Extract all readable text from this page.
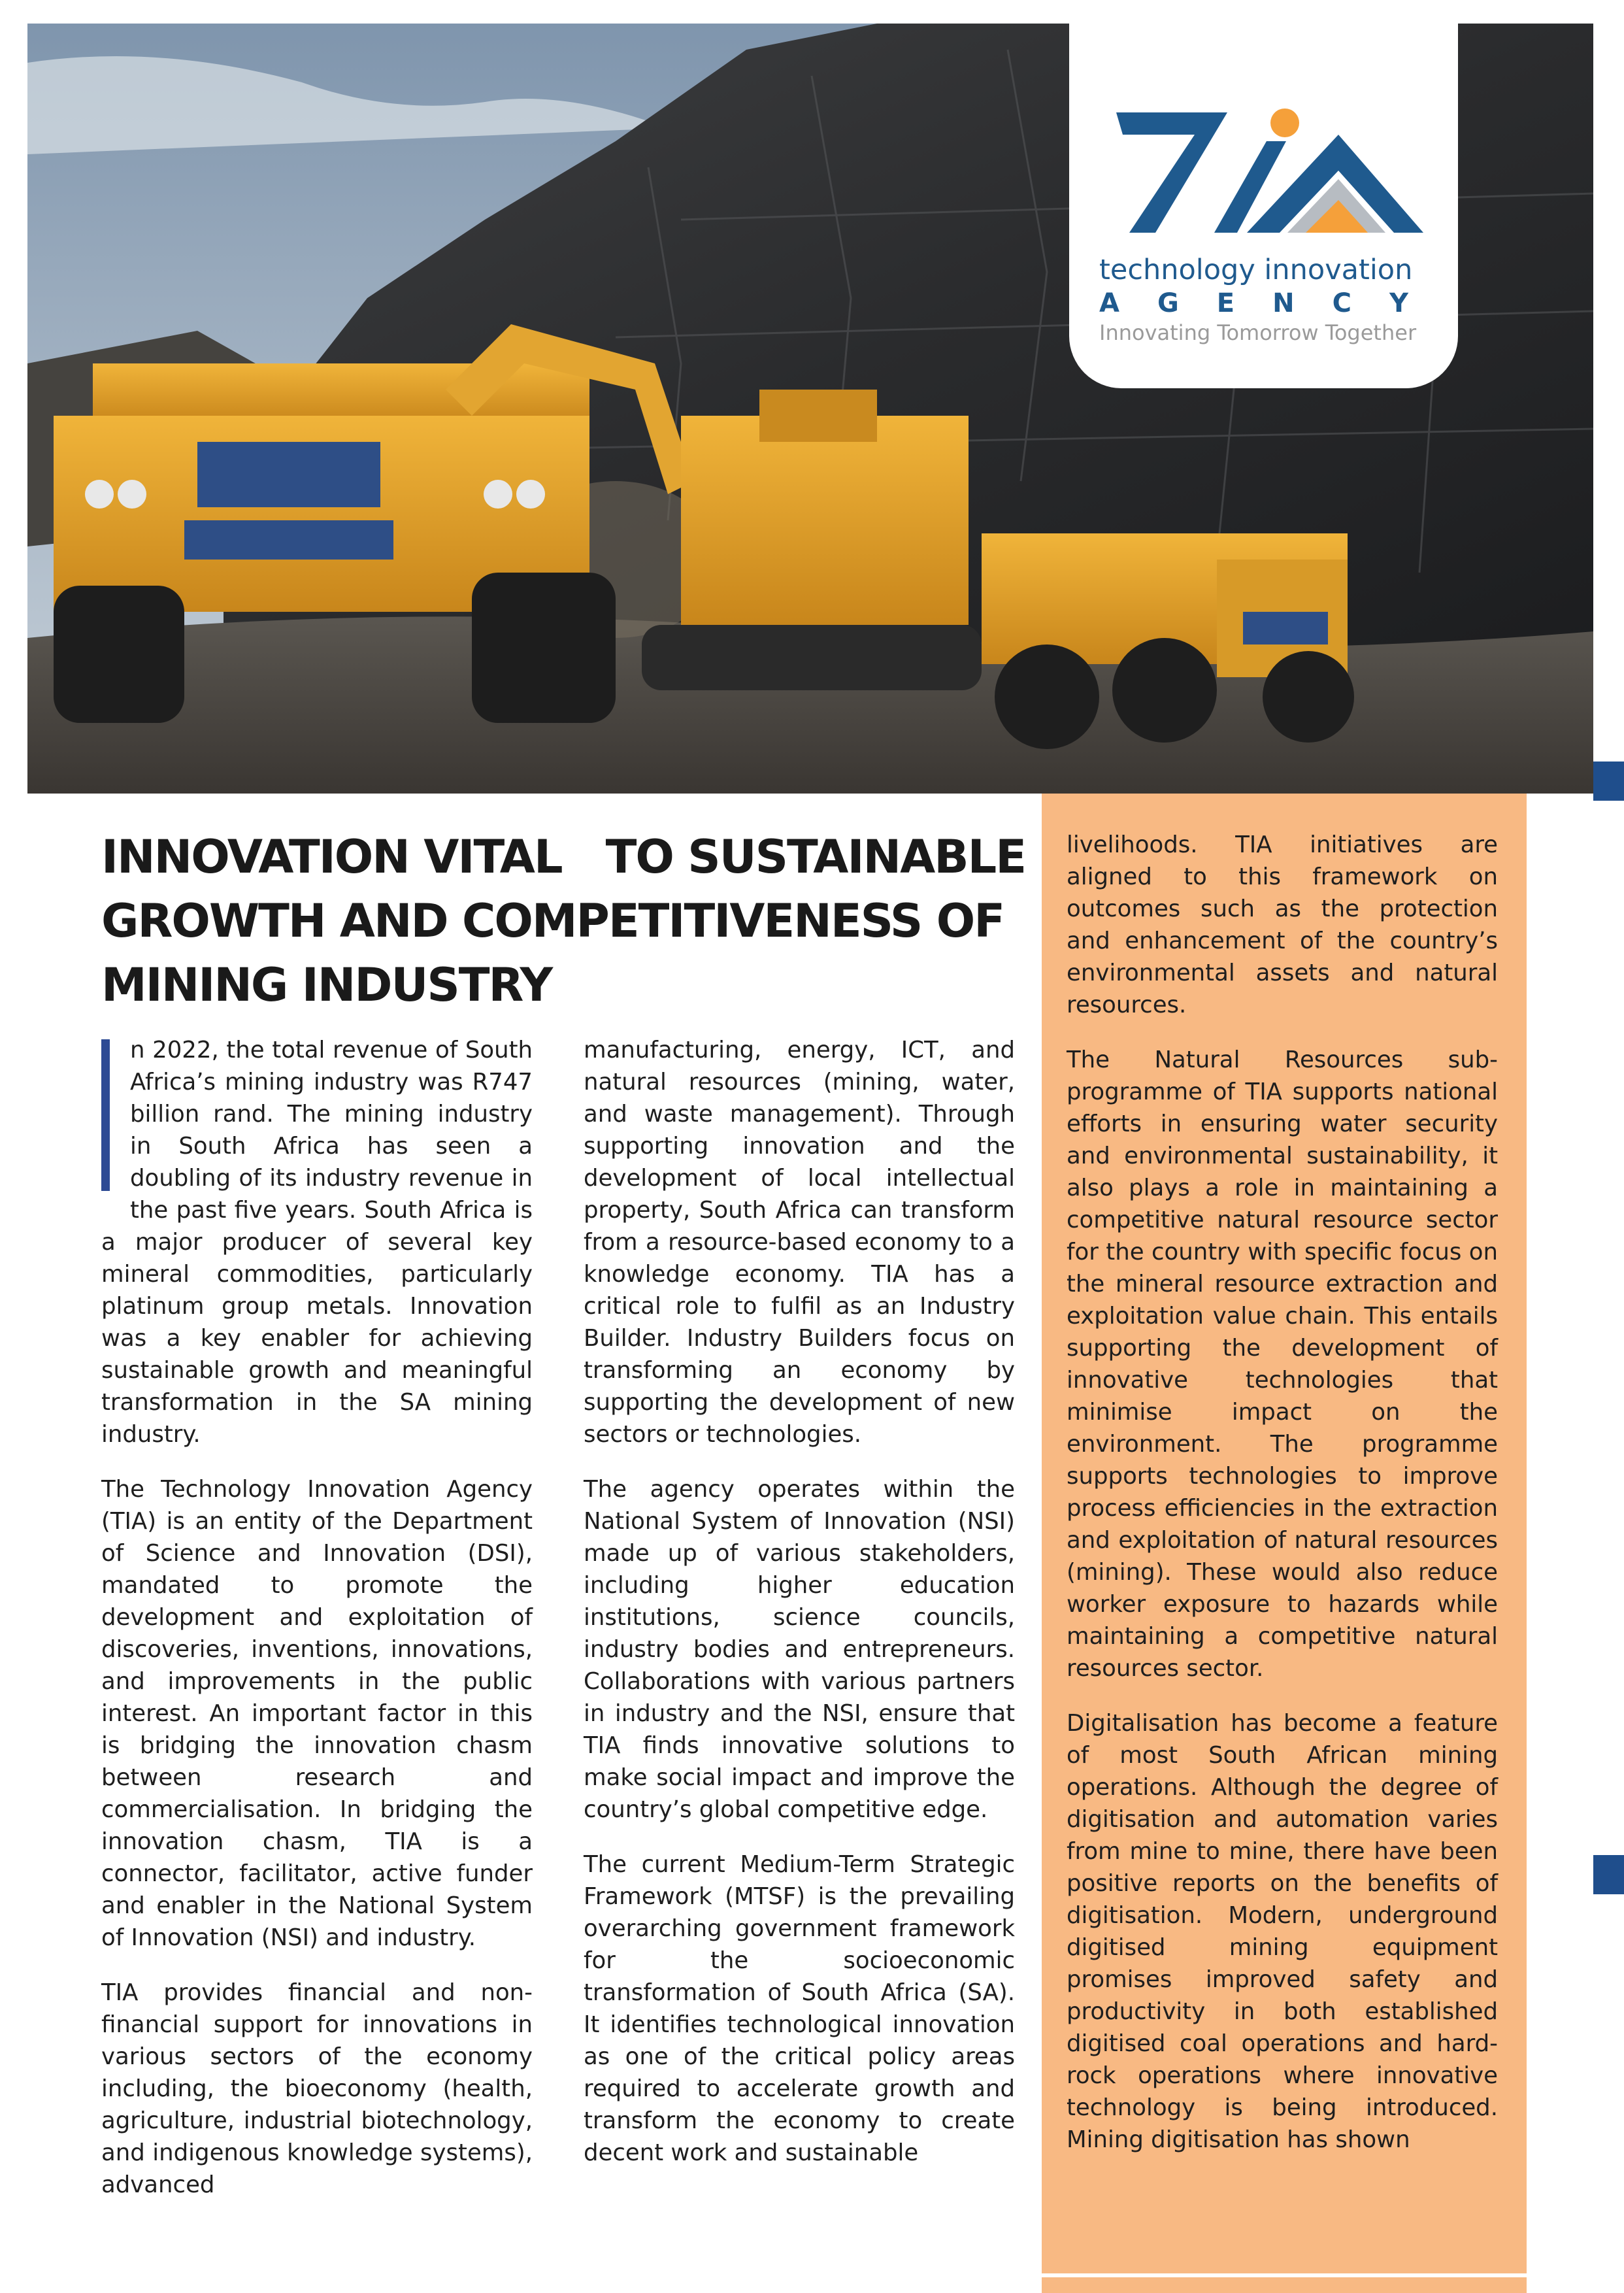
technology innovation
AGENCY
Innovating Tomorrow Together
INNOVATION VITAL   TO SUSTAINABLE
GROWTH AND COMPETITIVENESS OF
MINING INDUSTRY

n 2022, the total revenue of South Africa’s mining industry was R747 billion rand. The mining industry in South Africa has seen a doubling of its industry revenue in the past five years. South Africa is a major producer of several key mineral commodities, particularly platinum group metals. Innovation was a key enabler for achieving sustainable growth and meaningful transformation in the SA mining industry.

The Technology Innovation Agency (TIA) is an entity of the Department of Science and Innovation (DSI), mandated to promote the development and exploitation of discoveries, inventions, innovations, and improvements in the public interest. An important factor in this is bridging the innovation chasm between research and commercialisation. In bridging the innovation chasm, TIA is a connector, facilitator, active funder and enabler in the National System of Innovation (NSI) and industry.

TIA provides financial and non-financial support for innovations in various sectors of the economy including, the bioeconomy (health, agriculture, industrial biotechnology, and indigenous knowledge systems), advanced

manufacturing, energy, ICT, and natural resources (mining, water, and waste management). Through supporting innovation and the development of local intellectual property, South Africa can transform from a resource-based economy to a knowledge economy. TIA has a critical role to fulfil as an Industry Builder. Industry Builders focus on transforming an economy by supporting the development of new sectors or technologies.

The agency operates within the National System of Innovation (NSI) made up of various stakeholders, including higher education institutions, science councils, industry bodies and entrepreneurs. Collaborations with various partners in industry and the NSI, ensure that TIA finds innovative solutions to make social impact and improve the country’s global competitive edge.

The current Medium-Term Strategic Framework (MTSF) is the prevailing overarching government framework for the socioeconomic transformation of South Africa (SA). It identifies technological innovation as one of the critical policy areas required to accelerate growth and transform the economy to create decent work and sustainable

livelihoods. TIA initiatives are aligned to this framework on outcomes such as the protection and enhancement of the country’s environmental assets and natural resources.

The Natural Resources sub-programme of TIA supports national efforts in ensuring water security and environmental sustainability, it also plays a role in maintaining a competitive natural resource sector for the country with specific focus on the mineral resource extraction and exploitation value chain. This entails supporting the development of innovative technologies that minimise impact on the environment. The programme supports technologies to improve process efficiencies in the extraction and exploitation of natural resources (mining). These would also reduce worker exposure to hazards while maintaining a competitive natural resources sector.

Digitalisation has become a feature of most South African mining operations. Although the degree of digitisation and automation varies from mine to mine, there have been positive reports on the benefits of digitisation. Modern, underground digitised mining equipment promises improved safety and productivity in both established digitised coal operations and hard-rock operations where innovative technology is being introduced. Mining digitisation has shown
